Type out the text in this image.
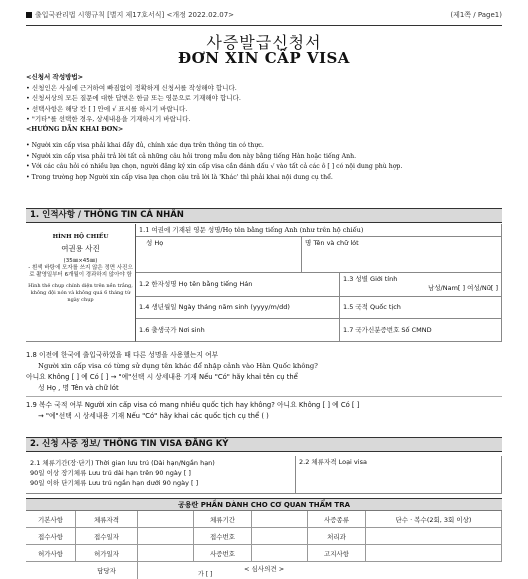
출입국관리법 시행규칙 [별지 제17호서식] <개정 2022.02.07>	(제1쪽 / Page1)
사증발급신청서
ĐƠN XIN CẤP VISA
<신청서 작성방법>
• 신청인은 사실에 근거하여 빠짐없이 정확하게 신청서를 작성해야 합니다.
• 신청서상의 모든 질문에 대한 답변은 한글 또는 영문으로 기재해야 합니다.
• 선택사항은 해당 칸 [ ] 안에 √ 표시를 하시기 바랍니다.
• "기타"를 선택한 경우, 상세내용을 기재하시기 바랍니다.
<HƯỚNG DẪN KHAI ĐƠN>
• Người xin cấp visa phải khai đầy đủ, chính xác dựa trên thông tin có thực.
• Người xin cấp visa phải trả lời tất cả những câu hỏi trong mẫu đơn này bằng tiếng Hàn hoặc tiếng Anh.
• Với các câu hỏi có nhiều lựa chọn, người đăng ký xin cấp visa cần đánh dấu √ vào tất cả các ô [ ] có nội dung phù hợp.
• Trong trường hợp Người xin cấp visa lựa chọn câu trả lời là 'Khác' thì phải khai nội dung cụ thể.
1. 인적사항 / THÔNG TIN CÁ NHÂN
HÌNH HỘ CHIẾU
여권용 사진
(35㎜×45㎜)
- 흰색 바탕에 모자를 쓰지 않은 정면 사진으로 촬영일부터 6개월이 경과하지 않아야 함
Hình thẻ chụp chính diện trên nền trắng, không đội nón và không quá 6 tháng từ ngày chụp
1.1 여권에 기재된 영문 성명/Họ tên bằng tiếng Anh (như trên hộ chiếu)
성 Họ	명 Tên và chữ lót
1.2 한자성명 Họ tên bằng tiếng Hán
1.3 성별 Giới tính
남성/Nam[ ] 여성/Nữ[ ]
1.4 생년월일 Ngày tháng năm sinh (yyyy/m/dd)	1.5 국적 Quốc tịch
1.6 출생국가 Nơi sinh	1.7 국가신분증번호 Số CMND
1.8 이전에 한국에 출입국하였을 때 다른 성명을 사용했는지 여부
Người xin cấp visa có từng sử dụng tên khác để nhập cảnh vào Hàn Quốc không?
아니요 Không [ ] 예 Có [ ] → "예"선택 시 상세내용 기재 Nếu "Có" hãy khai tên cụ thể
성 Họ , 명 Tên và chữ lót
1.9 복수 국적 여부 Người xin cấp visa có mang nhiều quốc tịch hay không? 아니요 Không [ ] 예 Có [ ]
→ "예"선택 시 상세내용 기재 Nếu "Có" hãy khai các quốc tịch cụ thể ( )
2. 신청 사증 정보/ THÔNG TIN VISA ĐĂNG KÝ
2.1 체류기간(장·단기) Thời gian lưu trú (Dài hạn/Ngắn hạn)
90일 이상 장기체류 Lưu trú dài hạn trên 90 ngày [ ]
90일 이하 단기체류 Lưu trú ngắn hạn dưới 90 ngày [ ]
2.2 체류자격 Loại visa
공용란 PHẦN DÀNH CHO CƠ QUAN THẨM TRA
기본사항	체류자격	체류기간	사증종류	단수 · 복수(2회, 3회 이상)
접수사항	접수일자	접수번호	처리과
허가사항	허가일자	사증번호	고지사항
담당자	가 [ ]
< 심사의견 >
